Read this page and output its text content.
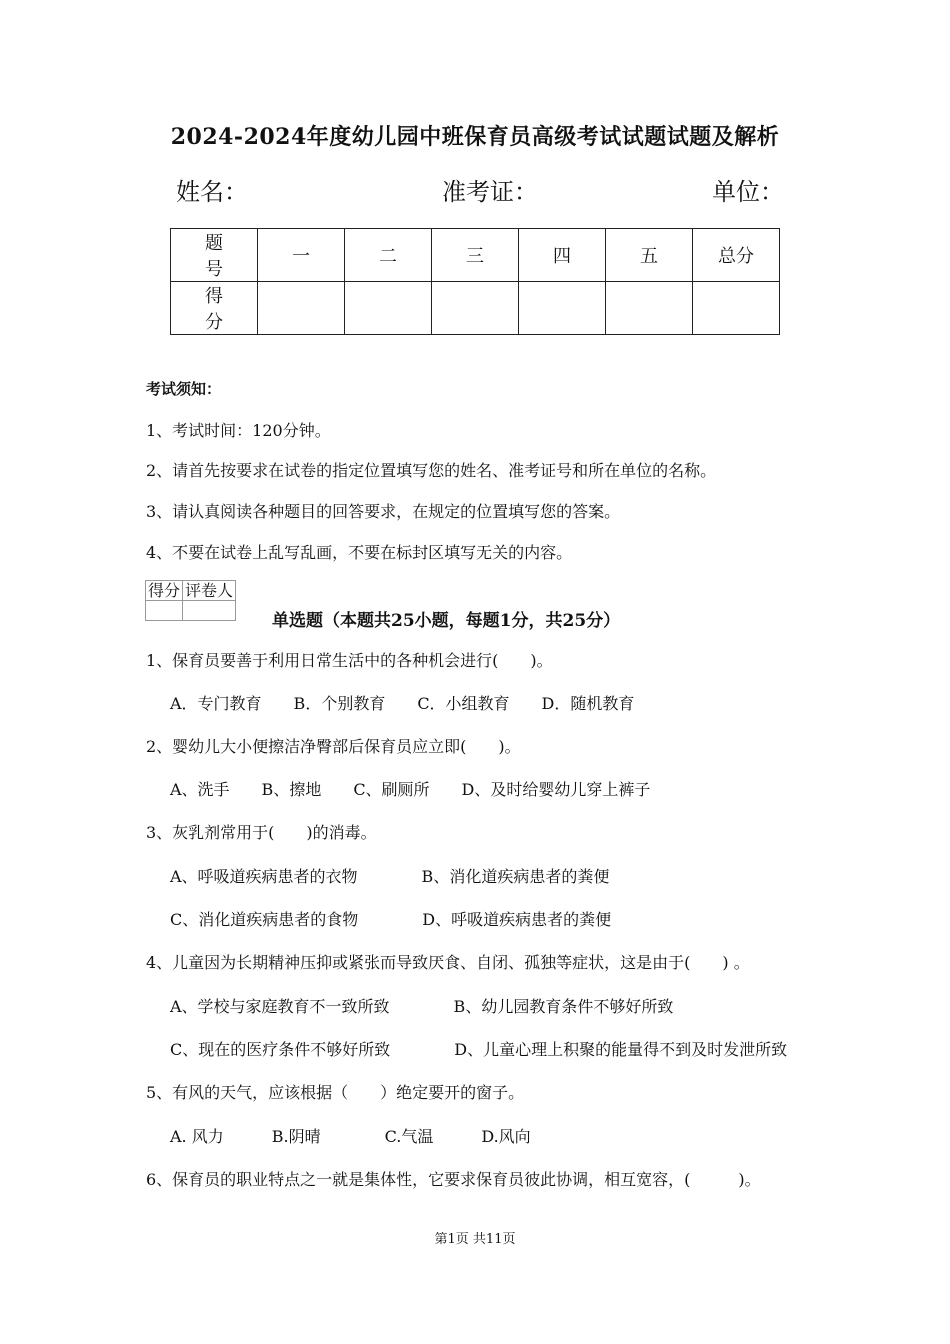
2024-2024年度幼儿园中班保育员高级考试试题试题及解析
姓名：	准考证：	单位：
题 号	一	二	三	四	五	总分
得 分						
考试须知：
1、考试时间：120分钟。
2、请首先按要求在试卷的指定位置填写您的姓名、准考证号和所在单位的名称。
3、请认真阅读各种题目的回答要求，在规定的位置填写您的答案。
4、不要在试卷上乱写乱画，不要在标封区填写无关的内容。
得分	评卷人

单选题（本题共25小题，每题1分，共25分）
1、保育员要善于利用日常生活中的各种机会进行(　　)。
A．专门教育　　B．个别教育　　C．小组教育　　D．随机教育
2、婴幼儿大小便擦洁净臀部后保育员应立即(　　)。
A、洗手　　B、擦地　　C、刷厕所　　D、及时给婴幼儿穿上裤子
3、灰乳剂常用于(　　)的消毒。
A、呼吸道疾病患者的衣物　　　　B、消化道疾病患者的粪便
C、消化道疾病患者的食物　　　　D、呼吸道疾病患者的粪便
4、儿童因为长期精神压抑或紧张而导致厌食、自闭、孤独等症状，这是由于(　　) 。
A、学校与家庭教育不一致所致　　　　B、幼儿园教育条件不够好所致
C、现在的医疗条件不够好所致　　　　D、儿童心理上积聚的能量得不到及时发泄所致
5、有风的天气，应该根据（　　）绝定要开的窗子。
A. 风力　　　B.阴晴　　　　C.气温　　　D.风向
6、保育员的职业特点之一就是集体性，它要求保育员彼此协调，相互宽容，(　　　)。
第1页 共11页
